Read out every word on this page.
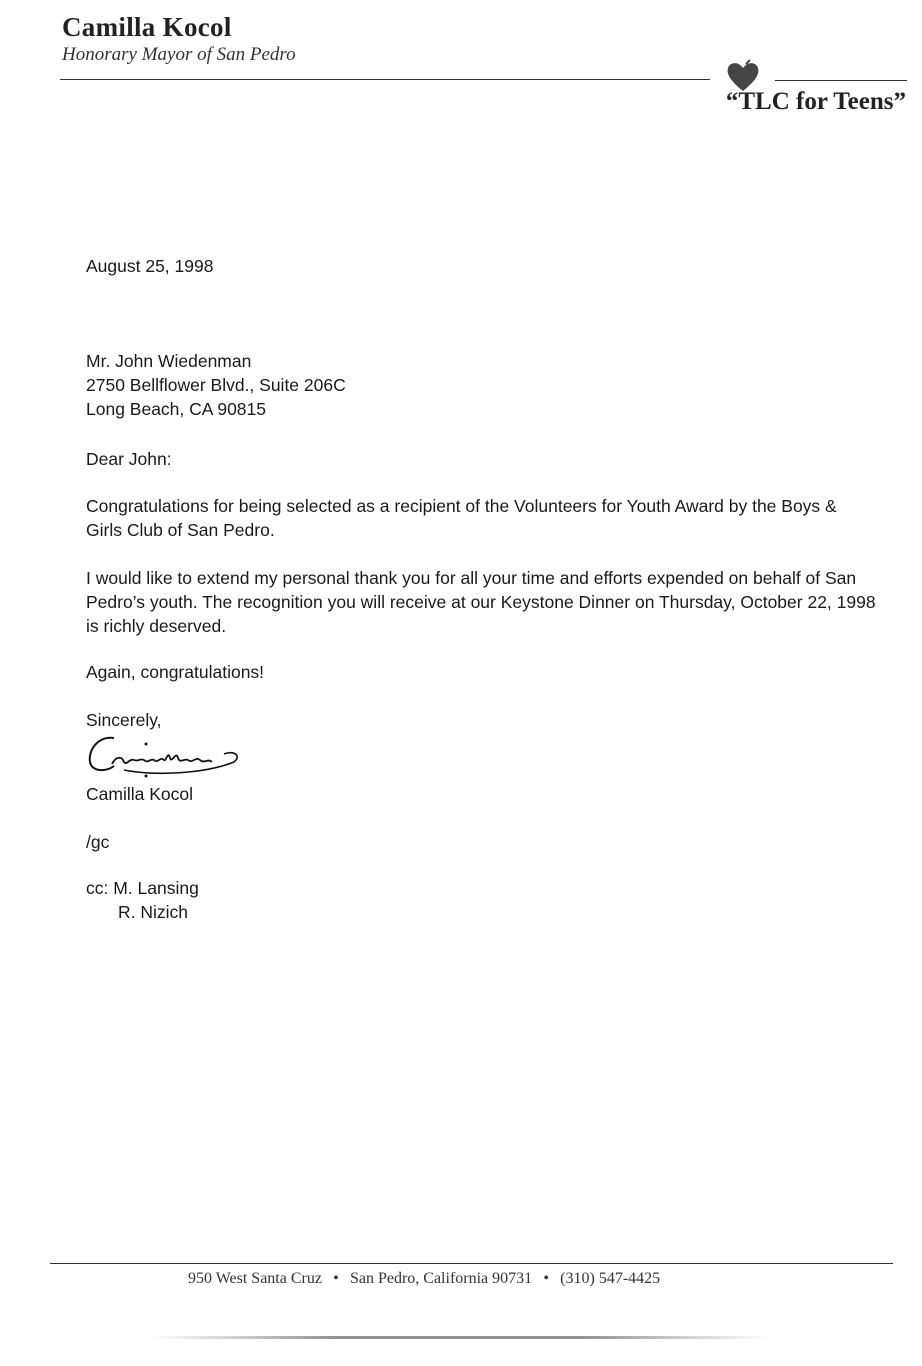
Camilla Kocol
Honorary Mayor of San Pedro
“TLC for Teens”

August 25, 1998

Mr. John Wiedenman
2750 Bellflower Blvd., Suite 206C
Long Beach, CA 90815

Dear John:

Congratulations for being selected as a recipient of the Volunteers for Youth Award by the Boys & Girls Club of San Pedro.

I would like to extend my personal thank you for all your time and efforts expended on behalf of San Pedro’s youth. The recognition you will receive at our Keystone Dinner on Thursday, October 22, 1998 is richly deserved.

Again, congratulations!

Sincerely,

Camilla Kocol

/gc

cc: M. Lansing
R. Nizich
950 West Santa Cruz • San Pedro, California 90731 • (310) 547-4425
